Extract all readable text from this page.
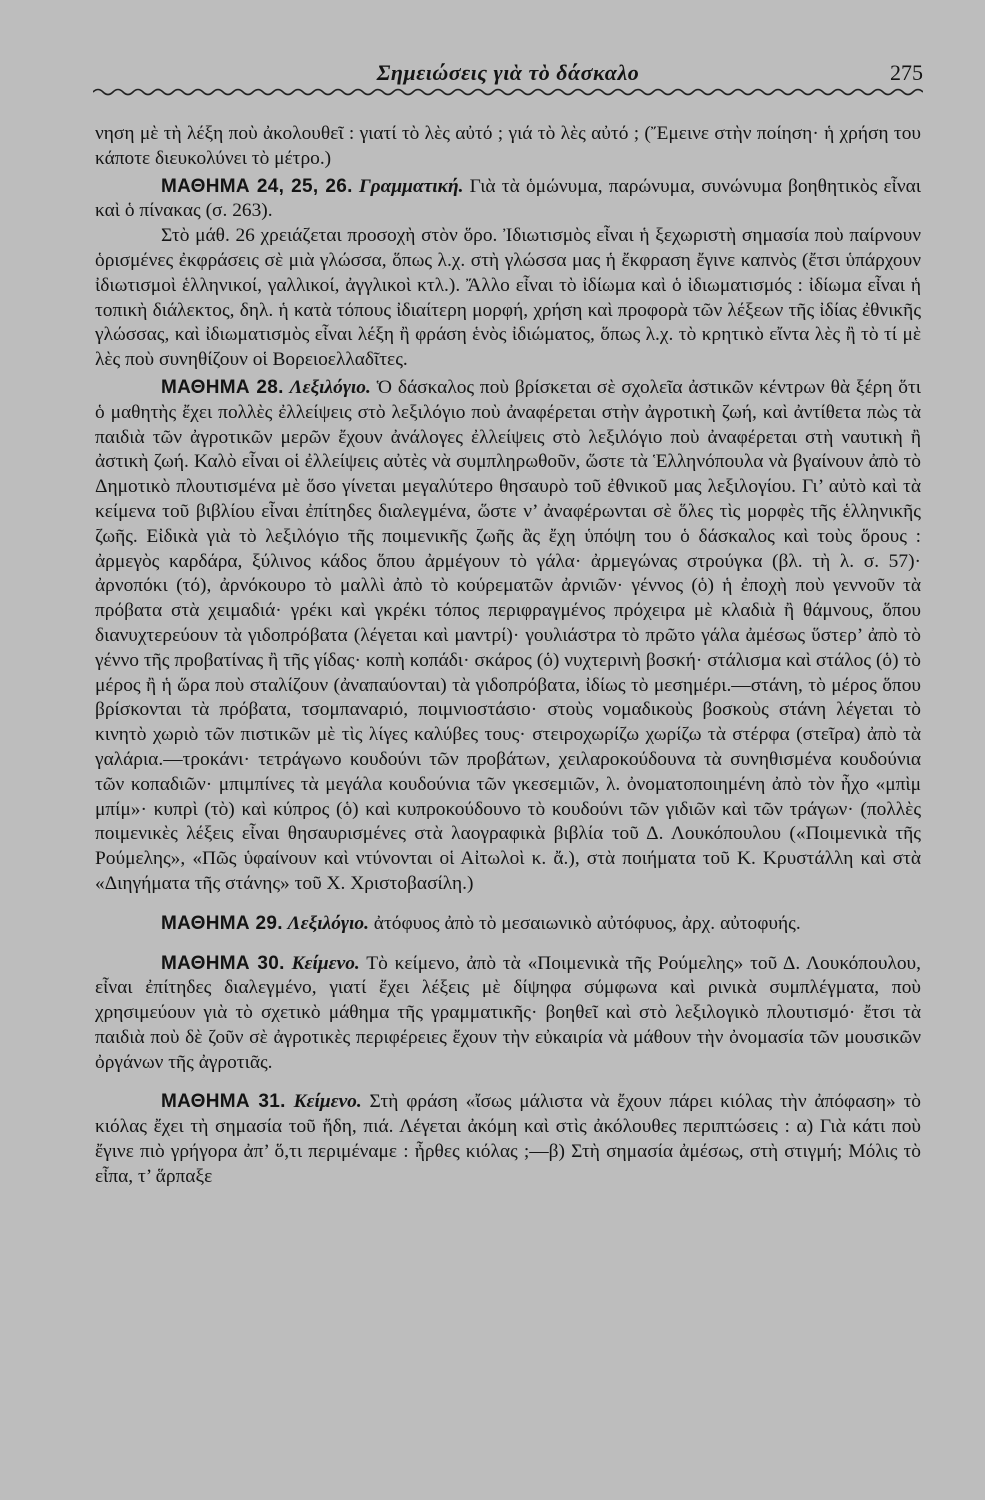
Σημειώσεις γιὰ τὸ δάσκαλο	275

νηση μὲ τὴ λέξη ποὺ ἀκολουθεῖ : γιατί τὸ λὲς αὐτό ; γιά τὸ λὲς αὐτό ; (Ἔμεινε στὴν ποίηση· ἡ χρήση του κάποτε διευκολύνει τὸ μέτρο.)

ΜΑΘΗΜΑ 24, 25, 26. Γραμματική. Γιὰ τὰ ὁμώνυμα, παρώνυμα, συνώνυμα βοηθητικὸς εἶναι καὶ ὁ πίνακας (σ. 263).

Στὸ μάθ. 26 χρειάζεται προσοχὴ στὸν ὅρο. Ἰδιωτισμὸς εἶναι ἡ ξεχωριστὴ σημασία ποὺ παίρνουν ὁρισμένες ἐκφράσεις σὲ μιὰ γλώσσα, ὅπως λ.χ. στὴ γλώσσα μας ἡ ἔκφραση ἔγινε καπνὸς (ἔτσι ὑπάρχουν ἰδιωτισμοὶ ἑλληνικοί, γαλλικοί, ἀγγλικοὶ κτλ.). Ἄλλο εἶναι τὸ ἰδίωμα καὶ ὁ ἰδιωματισμός : ἰδίωμα εἶναι ἡ τοπικὴ διάλεκτος, δηλ. ἡ κατὰ τόπους ἰδιαίτερη μορφή, χρήση καὶ προφορὰ τῶν λέξεων τῆς ἰδίας ἐθνικῆς γλώσσας, καὶ ἰδιωματισμὸς εἶναι λέξη ἢ φράση ἑνὸς ἰδιώματος, ὅπως λ.χ. τὸ κρητικὸ εἴντα λὲς ἢ τὸ τί μὲ λὲς ποὺ συνηθίζουν οἱ Βορειοελλαδῖτες.

ΜΑΘΗΜΑ 28. Λεξιλόγιο. Ὁ δάσκαλος ποὺ βρίσκεται σὲ σχολεῖα ἀστικῶν κέντρων θὰ ξέρη ὅτι ὁ μαθητὴς ἔχει πολλὲς ἐλλείψεις στὸ λεξιλόγιο ποὺ ἀναφέρεται στὴν ἀγροτικὴ ζωή, καὶ ἀντίθετα πὼς τὰ παιδιὰ τῶν ἀγροτικῶν μερῶν ἔχουν ἀνάλογες ἐλλείψεις στὸ λεξιλόγιο ποὺ ἀναφέρεται στὴ ναυτικὴ ἢ ἀστικὴ ζωή. Καλὸ εἶναι οἱ ἐλλείψεις αὐτὲς νὰ συμπληρωθοῦν, ὥστε τὰ Ἑλληνόπουλα νὰ βγαίνουν ἀπὸ τὸ Δημοτικὸ πλουτισμένα μὲ ὅσο γίνεται μεγαλύτερο θησαυρὸ τοῦ ἐθνικοῦ μας λεξιλογίου. Γι’ αὐτὸ καὶ τὰ κείμενα τοῦ βιβλίου εἶναι ἐπίτηδες διαλεγμένα, ὥστε ν’ ἀναφέρωνται σὲ ὅλες τὶς μορφὲς τῆς ἑλληνικῆς ζωῆς. Εἰδικὰ γιὰ τὸ λεξιλόγιο τῆς ποιμενικῆς ζωῆς ἂς ἔχη ὑπόψη του ὁ δάσκαλος καὶ τοὺς ὅρους : ἀρμεγὸς καρδάρα, ξύλινος κάδος ὅπου ἀρμέγουν τὸ γάλα· ἀρμεγώνας στρούγκα (βλ. τὴ λ. σ. 57)· ἀρνοπόκι (τό), ἀρνόκουρο τὸ μαλλὶ ἀπὸ τὸ κούρεματῶν ἀρνιῶν· γέννος (ὁ) ἡ ἐποχὴ ποὺ γεννοῦν τὰ πρόβατα στὰ χειμαδιά· γρέκι καὶ γκρέκι τόπος περιφραγμένος πρόχειρα μὲ κλαδιὰ ἢ θάμνους, ὅπου διανυχτερεύουν τὰ γιδοπρόβατα (λέγεται καὶ μαντρί)· γουλιάστρα τὸ πρῶτο γάλα ἀμέσως ὕστερ’ ἀπὸ τὸ γέννο τῆς προβατίνας ἢ τῆς γίδας· κοπὴ κοπάδι· σκάρος (ὁ) νυχτερινὴ βοσκή· στάλισμα καὶ στάλος (ὁ) τὸ μέρος ἢ ἡ ὥρα ποὺ σταλίζουν (ἀναπαύονται) τὰ γιδοπρόβατα, ἰδίως τὸ μεσημέρι.—στάνη, τὸ μέρος ὅπου βρίσκονται τὰ πρόβατα, τσομπαναριό, ποιμνιοστάσιο· στοὺς νομαδικοὺς βοσκοὺς στάνη λέγεται τὸ κινητὸ χωριὸ τῶν πιστικῶν μὲ τὶς λίγες καλύβες τους· στειροχωρίζω χωρίζω τὰ στέρφα (στεῖρα) ἀπὸ τὰ γαλάρια.—τροκάνι· τετράγωνο κουδούνι τῶν προβάτων, χειλαροκούδουνα τὰ συνηθισμένα κουδούνια τῶν κοπαδιῶν· μπιμπίνες τὰ μεγάλα κουδούνια τῶν γκεσεμιῶν, λ. ὀνοματοποιημένη ἀπὸ τὸν ἦχο «μπὶμ μπίμ»· κυπρὶ (τὸ) καὶ κύπρος (ὁ) καὶ κυπροκούδουνο τὸ κουδούνι τῶν γιδιῶν καὶ τῶν τράγων· (πολλὲς ποιμενικὲς λέξεις εἶναι θησαυρισμένες στὰ λαογραφικὰ βιβλία τοῦ Δ. Λουκόπουλου («Ποιμενικὰ τῆς Ρούμελης», «Πῶς ὑφαίνουν καὶ ντύνονται οἱ Αἰτωλοὶ κ. ἄ.), στὰ ποιήματα τοῦ Κ. Κρυστάλλη καὶ στὰ «Διηγήματα τῆς στάνης» τοῦ Χ. Χριστοβασίλη.)

ΜΑΘΗΜΑ 29. Λεξιλόγιο. ἀτόφυος ἀπὸ τὸ μεσαιωνικὸ αὐτόφυος, ἀρχ. αὐτοφυής.

ΜΑΘΗΜΑ 30. Κείμενο. Τὸ κείμενο, ἀπὸ τὰ «Ποιμενικὰ τῆς Ρούμελης» τοῦ Δ. Λουκόπουλου, εἶναι ἐπίτηδες διαλεγμένο, γιατί ἔχει λέξεις μὲ δίψηφα σύμφωνα καὶ ρινικὰ συμπλέγματα, ποὺ χρησιμεύουν γιὰ τὸ σχετικὸ μάθημα τῆς γραμματικῆς· βοηθεῖ καὶ στὸ λεξιλογικὸ πλουτισμό· ἔτσι τὰ παιδιὰ ποὺ δὲ ζοῦν σὲ ἀγροτικὲς περιφέρειες ἔχουν τὴν εὐκαιρία νὰ μάθουν τὴν ὀνομασία τῶν μουσικῶν ὀργάνων τῆς ἀγροτιᾶς.

ΜΑΘΗΜΑ 31. Κείμενο. Στὴ φράση «ἴσως μάλιστα νὰ ἔχουν πάρει κιόλας τὴν ἀπόφαση» τὸ κιόλας ἔχει τὴ σημασία τοῦ ἤδη, πιά. Λέγεται ἀκόμη καὶ στὶς ἀκόλουθες περιπτώσεις : α) Γιὰ κάτι ποὺ ἔγινε πιὸ γρήγορα ἀπ’ ὅ,τι περιμέναμε : ἦρθες κιόλας ;—β) Στὴ σημασία ἀμέσως, στὴ στιγμή; Μόλις τὸ εἶπα, τ’ ἅρπαξε
